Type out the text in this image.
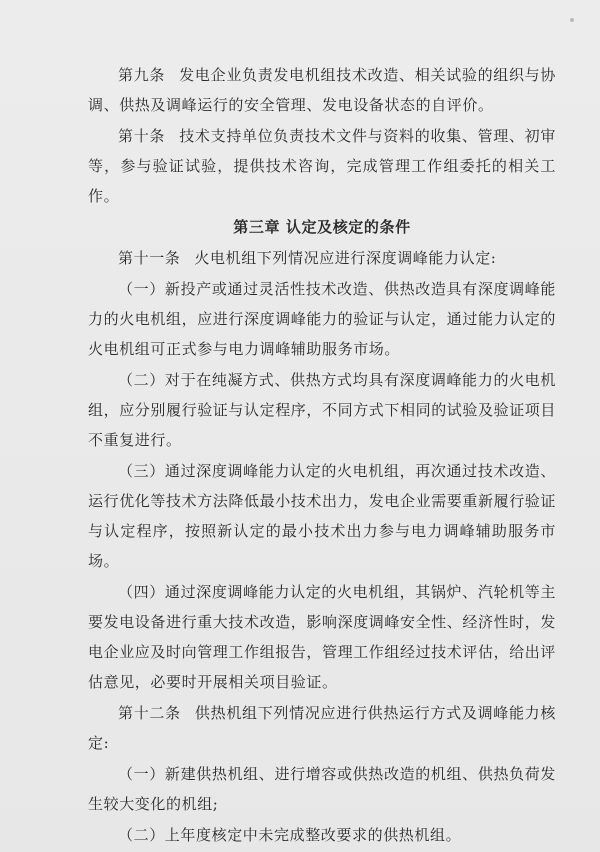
第九条 发电企业负责发电机组技术改造、相关试验的组织与协调、供热及调峰运行的安全管理、发电设备状态的自评价。

第十条 技术支持单位负责技术文件与资料的收集、管理、初审等，参与验证试验，提供技术咨询，完成管理工作组委托的相关工作。

第三章 认定及核定的条件

第十一条 火电机组下列情况应进行深度调峰能力认定:

（一）新投产或通过灵活性技术改造、供热改造具有深度调峰能力的火电机组，应进行深度调峰能力的验证与认定，通过能力认定的火电机组可正式参与电力调峰辅助服务市场。

（二）对于在纯凝方式、供热方式均具有深度调峰能力的火电机组，应分别履行验证与认定程序，不同方式下相同的试验及验证项目不重复进行。

（三）通过深度调峰能力认定的火电机组，再次通过技术改造、运行优化等技术方法降低最小技术出力，发电企业需要重新履行验证与认定程序，按照新认定的最小技术出力参与电力调峰辅助服务市场。

（四）通过深度调峰能力认定的火电机组，其锅炉、汽轮机等主要发电设备进行重大技术改造，影响深度调峰安全性、经济性时，发电企业应及时向管理工作组报告，管理工作组经过技术评估，给出评估意见，必要时开展相关项目验证。

第十二条 供热机组下列情况应进行供热运行方式及调峰能力核定:

（一）新建供热机组、进行增容或供热改造的机组、供热负荷发生较大变化的机组;

（二）上年度核定中未完成整改要求的供热机组。
